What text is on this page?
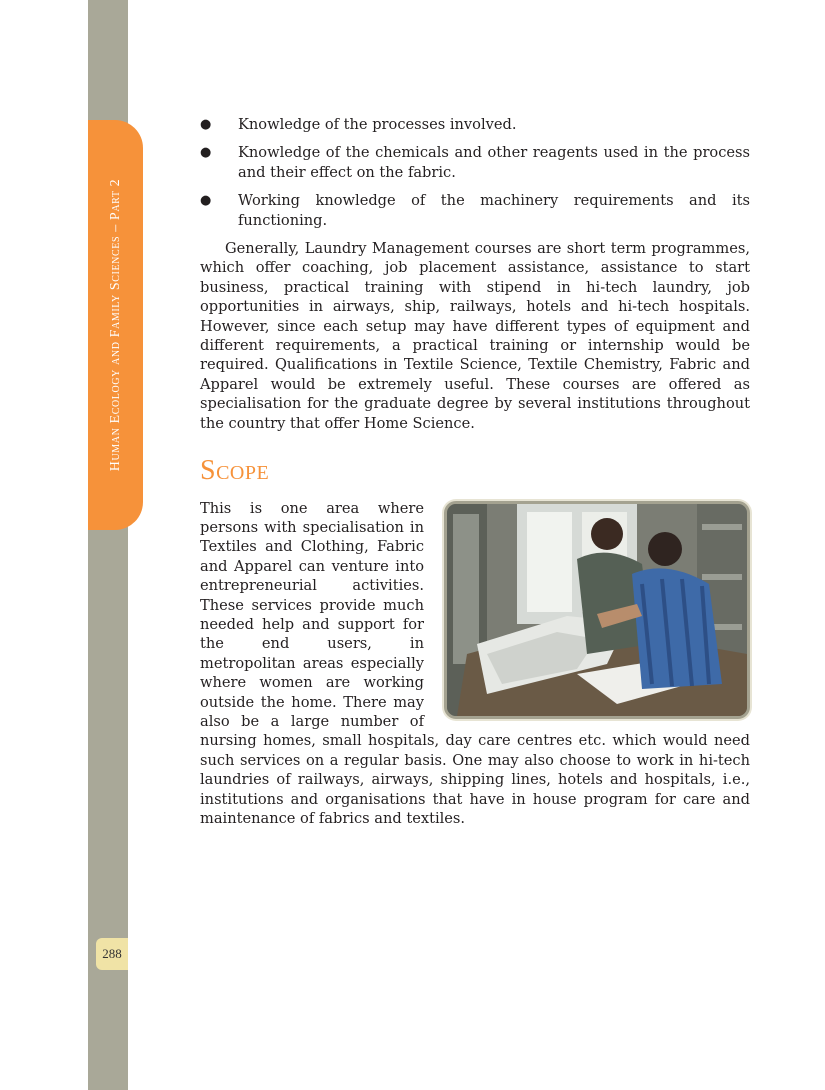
Human Ecology and Family Sciences – Part 2
288
● Knowledge of the processes involved.
● Knowledge of the chemicals and other reagents used in the process and their effect on the fabric.
● Working knowledge of the machinery requirements and its functioning.

Generally, Laundry Management courses are short term programmes, which offer coaching, job placement assistance, assistance to start business, practical training with stipend in hi-tech laundry, job opportunities in airways, ship, railways, hotels and hi-tech hospitals. However, since each setup may have different types of equipment and different requirements, a practical training or internship would be required. Qualifications in Textile Science, Textile Chemistry, Fabric and Apparel would be extremely useful. These courses are offered as specialisation for the graduate degree by several institutions throughout the country that offer Home Science.

Scope

This is one area where persons with specialisation in Textiles and Clothing, Fabric and Apparel can venture into entrepreneurial activities. These services provide much needed help and support for the end users, in metropolitan areas especially where women are working outside the home. There may also be a large number of nursing homes, small hospitals, day care centres etc. which would need such services on a regular basis. One may also choose to work in hi-tech laundries of railways, airways, shipping lines, hotels and hospitals, i.e., institutions and organisations that have in house program for care and maintenance of fabrics and textiles.
